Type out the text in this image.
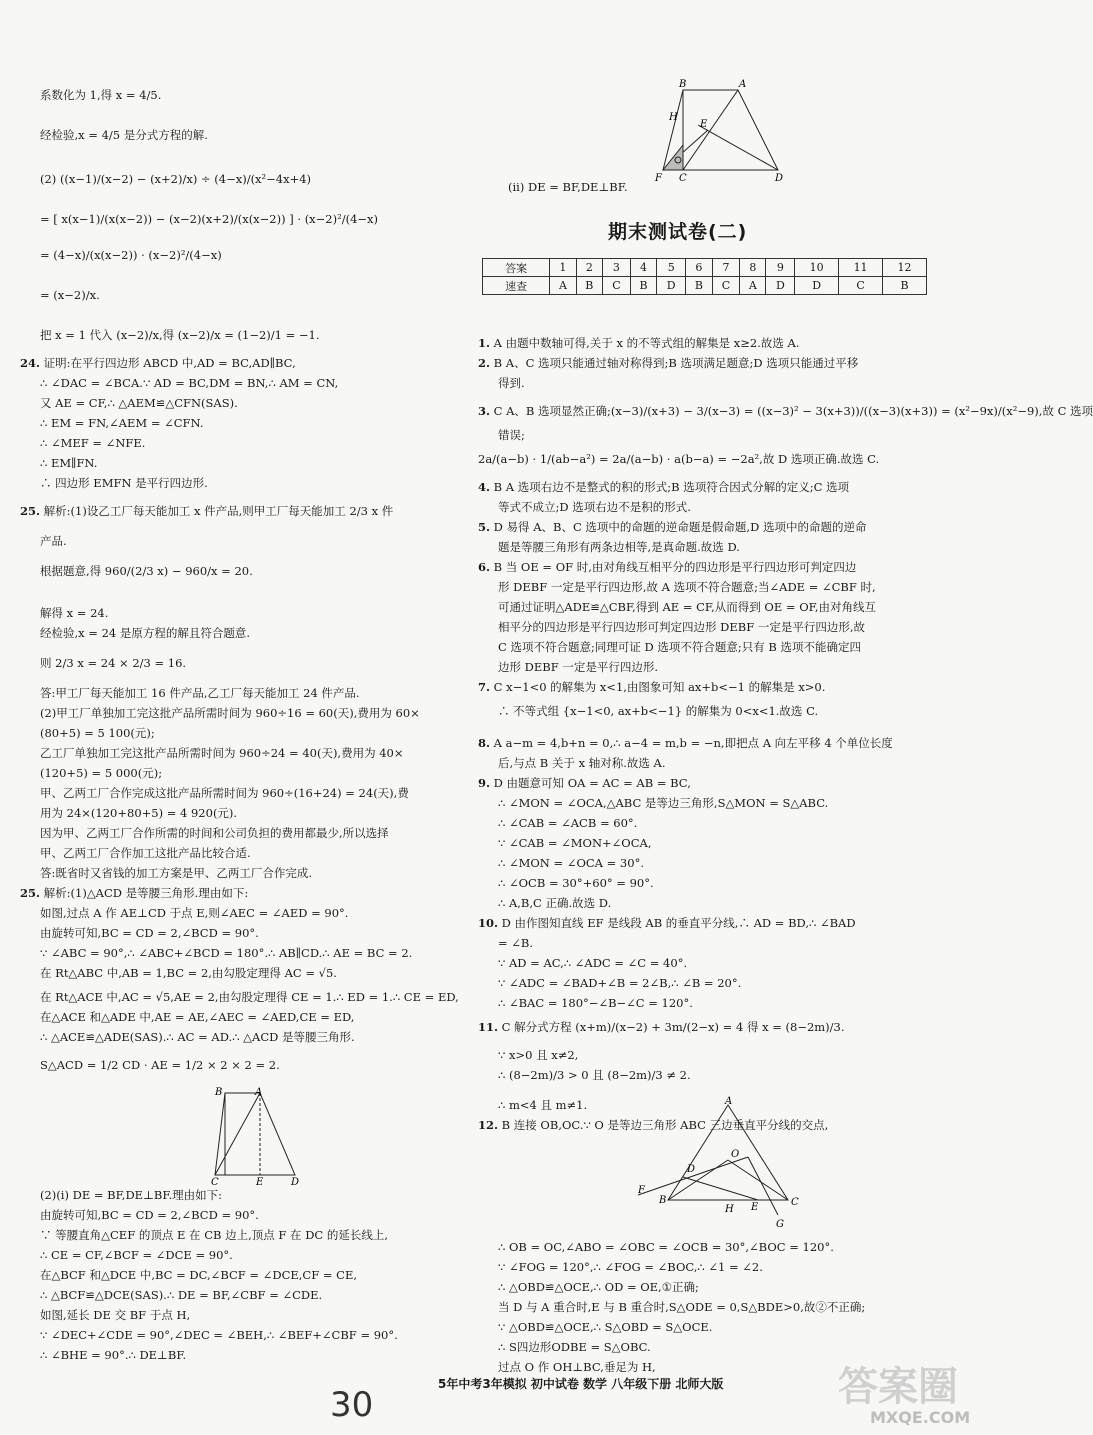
系数化为 1,得 x = 4/5.
经检验,x = 4/5 是分式方程的解.
(2) ((x−1)/(x−2) − (x+2)/x) ÷ (4−x)/(x²−4x+4)
= [ x(x−1)/(x(x−2)) − (x−2)(x+2)/(x(x−2)) ] · (x−2)²/(4−x)
= (4−x)/(x(x−2)) · (x−2)²/(4−x)
= (x−2)/x.
把 x = 1 代入 (x−2)/x,得 (x−2)/x = (1−2)/1 = −1.
24. 证明:在平行四边形 ABCD 中,AD = BC,AD∥BC,
∴ ∠DAC = ∠BCA.∵ AD = BC,DM = BN,∴ AM = CN,
又 AE = CF,∴ △AEM≌△CFN(SAS).
∴ EM = FN,∠AEM = ∠CFN.
∴ ∠MEF = ∠NFE.
∴ EM∥FN.
∴ 四边形 EMFN 是平行四边形.
25. 解析:(1)设乙工厂每天能加工 x 件产品,则甲工厂每天能加工 2/3 x 件
产品.
根据题意,得 960/(2/3 x) − 960/x = 20.
解得 x = 24.
经检验,x = 24 是原方程的解且符合题意.
则 2/3 x = 24 × 2/3 = 16.
答:甲工厂每天能加工 16 件产品,乙工厂每天能加工 24 件产品.
(2)甲工厂单独加工完这批产品所需时间为 960÷16 = 60(天),费用为 60×
(80+5) = 5 100(元);
乙工厂单独加工完这批产品所需时间为 960÷24 = 40(天),费用为 40×
(120+5) = 5 000(元);
甲、乙两工厂合作完成这批产品所需时间为 960÷(16+24) = 24(天),费
用为 24×(120+80+5) = 4 920(元).
因为甲、乙两工厂合作所需的时间和公司负担的费用都最少,所以选择
甲、乙两工厂合作加工这批产品比较合适.
答:既省时又省钱的加工方案是甲、乙两工厂合作完成.
25. 解析:(1)△ACD 是等腰三角形.理由如下:
如图,过点 A 作 AE⊥CD 于点 E,则∠AEC = ∠AED = 90°.
由旋转可知,BC = CD = 2,∠BCD = 90°.
∵ ∠ABC = 90°,∴ ∠ABC+∠BCD = 180°.∴ AB∥CD.∴ AE = BC = 2.
在 Rt△ABC 中,AB = 1,BC = 2,由勾股定理得 AC = √5.
在 Rt△ACE 中,AC = √5,AE = 2,由勾股定理得 CE = 1.∴ ED = 1.∴ CE = ED,
在△ACE 和△ADE 中,AE = AE,∠AEC = ∠AED,CE = ED,
∴ △ACE≌△ADE(SAS).∴ AC = AD.∴ △ACD 是等腰三角形.
S△ACD = 1/2 CD · AE = 1/2 × 2 × 2 = 2.
(2)(i) DE = BF,DE⊥BF.理由如下:
由旋转可知,BC = CD = 2,∠BCD = 90°.
∵ 等腰直角△CEF 的顶点 E 在 CB 边上,顶点 F 在 DC 的延长线上,
∴ CE = CF,∠BCF = ∠DCE = 90°.
在△BCF 和△DCE 中,BC = DC,∠BCF = ∠DCE,CF = CE,
∴ △BCF≌△DCE(SAS).∴ DE = BF,∠CBF = ∠CDE.
如图,延长 DE 交 BF 于点 H,
∵ ∠DEC+∠CDE = 90°,∠DEC = ∠BEH,∴ ∠BEF+∠CBF = 90°.
∴ ∠BHE = 90°.∴ DE⊥BF.
期末测试卷(二)
答案	1	2	3	4	5	6	7	8	9	10	11	12
速查	A	B	C	B	D	B	C	A	D	D	C	B
B	A
H
E
F C	D
A
O
D
F
B
H E	C
G
(ii) DE = BF,DE⊥BF.
1. A 由题中数轴可得,关于 x 的不等式组的解集是 x≥2.故选 A.
2. B A、C 选项只能通过轴对称得到;B 选项满足题意;D 选项只能通过平移
得到.
3. C A、B 选项显然正确;(x−3)/(x+3) − 3/(x−3) = ((x−3)² − 3(x+3))/((x−3)(x+3)) = (x²−9x)/(x²−9),故 C 选项
错误;
2a/(a−b) · 1/(ab−a²) = 2a/(a−b) · a(b−a) = −2a²,故 D 选项正确.故选 C.
4. B A 选项右边不是整式的积的形式;B 选项符合因式分解的定义;C 选项
等式不成立;D 选项右边不是积的形式.
5. D 易得 A、B、C 选项中的命题的逆命题是假命题,D 选项中的命题的逆命
题是等腰三角形有两条边相等,是真命题.故选 D.
6. B 当 OE = OF 时,由对角线互相平分的四边形是平行四边形可判定四边
形 DEBF 一定是平行四边形,故 A 选项不符合题意;当∠ADE = ∠CBF 时,
可通过证明△ADE≌△CBF,得到 AE = CF,从而得到 OE = OF,由对角线互
相平分的四边形是平行四边形可判定四边形 DEBF 一定是平行四边形,故
C 选项不符合题意;同理可证 D 选项不符合题意;只有 B 选项不能确定四
边形 DEBF 一定是平行四边形.
7. C x−1<0 的解集为 x<1,由图象可知 ax+b<−1 的解集是 x>0.
∴ 不等式组 {x−1<0, ax+b<−1} 的解集为 0<x<1.故选 C.
8. A a−m = 4,b+n = 0,∴ a−4 = m,b = −n,即把点 A 向左平移 4 个单位长度
后,与点 B 关于 x 轴对称.故选 A.
9. D 由题意可知 OA = AC = AB = BC,
∴ ∠MON = ∠OCA,△ABC 是等边三角形,S△MON = S△ABC.
∴ ∠CAB = ∠ACB = 60°.
∵ ∠CAB = ∠MON+∠OCA,
∴ ∠MON = ∠OCA = 30°.
∴ ∠OCB = 30°+60° = 90°.
∴ A,B,C 正确.故选 D.
10. D 由作图知直线 EF 是线段 AB 的垂直平分线,∴ AD = BD,∴ ∠BAD
= ∠B.
∵ AD = AC,∴ ∠ADC = ∠C = 40°.
∵ ∠ADC = ∠BAD+∠B = 2∠B,∴ ∠B = 20°.
∴ ∠BAC = 180°−∠B−∠C = 120°.
11. C 解分式方程 (x+m)/(x−2) + 3m/(2−x) = 4 得 x = (8−2m)/3.
∵ x>0 且 x≠2,
∴ (8−2m)/3 > 0 且 (8−2m)/3 ≠ 2.
∴ m<4 且 m≠1.
12. B 连接 OB,OC.∵ O 是等边三角形 ABC 三边垂直平分线的交点,
∴ OB = OC,∠ABO = ∠OBC = ∠OCB = 30°,∠BOC = 120°.
∵ ∠FOG = 120°,∴ ∠FOG = ∠BOC,∴ ∠1 = ∠2.
∴ △OBD≌△OCE,∴ OD = OE,①正确;
当 D 与 A 重合时,E 与 B 重合时,S△ODE = 0,S△BDE>0,故②不正确;
∵ △OBD≌△OCE,∴ S△OBD = S△OCE.
∴ S四边形ODBE = S△OBC.
过点 O 作 OH⊥BC,垂足为 H,
B	A
C	E	D
5年中考3年模拟 初中试卷 数学 八年级下册 北师大版
30	答案圈
MXQE.COM
